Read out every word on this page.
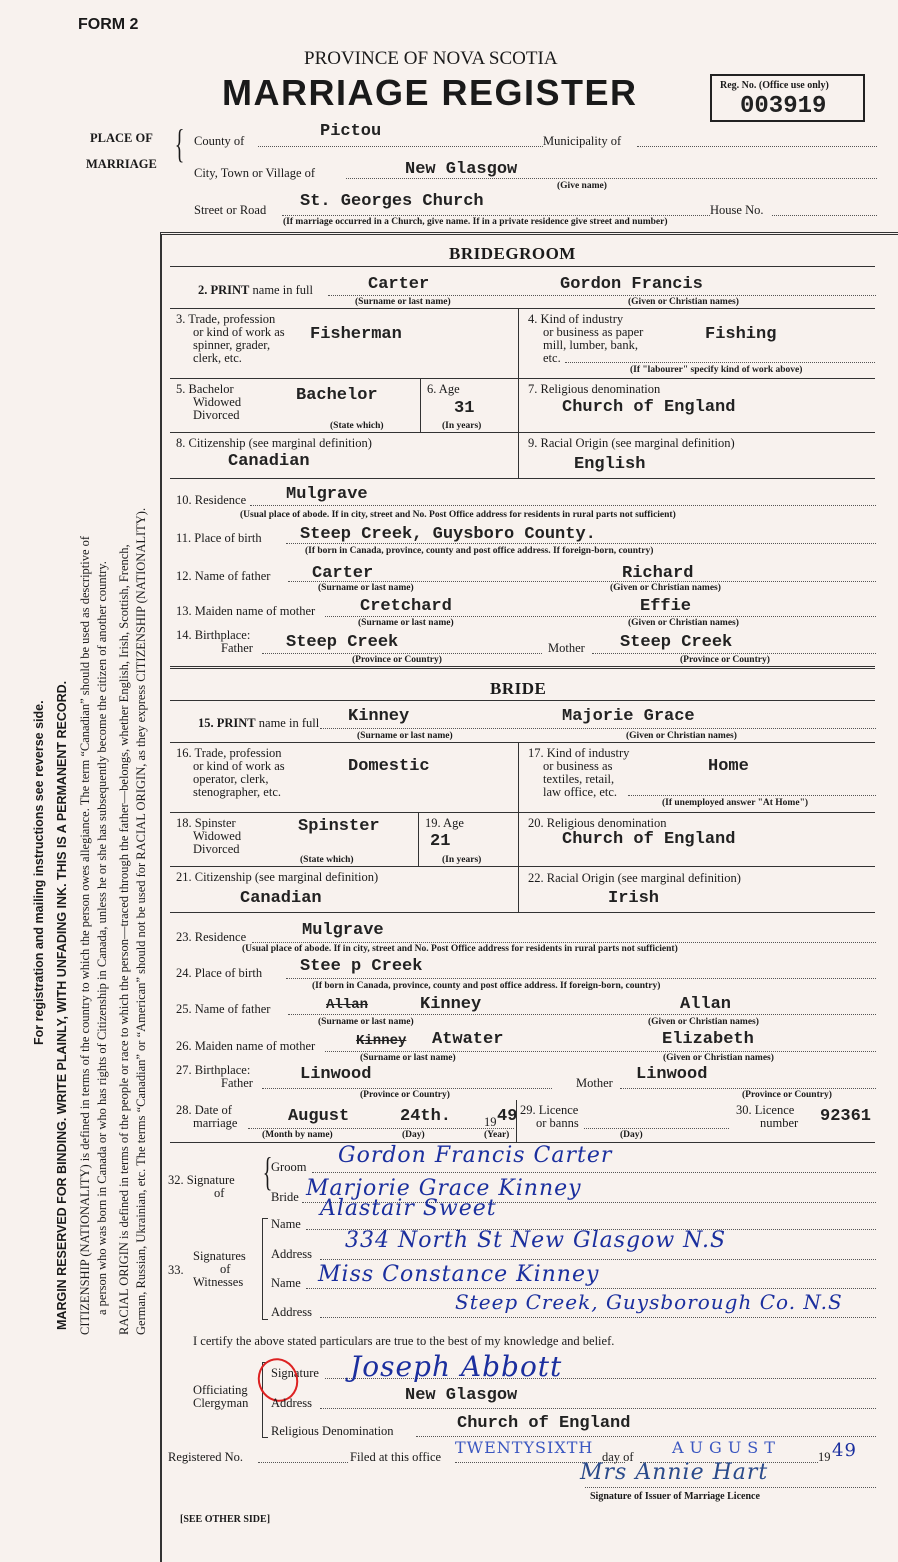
FORM 2
PROVINCE OF NOVA SCOTIA
MARRIAGE REGISTER	Reg. No. (Office use only)
003919
For registration and mailing instructions see reverse side. MARGIN RESERVED FOR BINDING. WRITE PLAINLY, WITH UNFADING INK. THIS IS A PERMANENT RECORD. CITIZENSHIP (NATIONALITY) is defined in terms of the country to which the person owes allegiance. The term “Canadian” should be used as descriptive of a person who was born in Canada or who has rights of Citizenship in Canada, unless he or she has subsequently become the citizen of another country. RACIAL ORIGIN is defined in terms of the people or race to which the person—traced through the father—belongs, whether English, Irish, Scottish, French, German, Russian, Ukrainian, etc. The terms “Canadian” or “American” should not be used for RACIAL ORIGIN, as they express CITIZENSHIP (NATIONALITY).
PLACE OF
MARRIAGE { County of	Pictou	Municipality of
City, Town or Village of	New Glasgow
(Give name)
Street or Road St. Georges Church	House No.
(If marriage occurred in a Church, give name. If in a private residence give street and number)
BRIDEGROOM
2. PRINT name in full	Carter	Gordon Francis
(Surname or last name)	(Given or Christian names)
3. Trade, profession
or kind of work as
spinner, grader,
clerk, etc.
Fisherman
4. Kind of industry
or business as paper
mill, lumber, bank,
etc.
Fishing
(If "labourer" specify kind of work above)
5. Bachelor
Widowed
Divorced
Bachelor
(State which)
6. Age
31
(In years)
7. Religious denomination
Church of England
8. Citizenship (see marginal definition)
Canadian
9. Racial Origin (see marginal definition)
English
10. Residence Mulgrave
(Usual place of abode. If in city, street and No. Post Office address for residents in rural parts not sufficient)
11. Place of birth Steep Creek, Guysboro County.
(If born in Canada, province, county and post office address. If foreign-born, country)
12. Name of father Carter	Richard
(Surname or last name)	(Given or Christian names)
13. Maiden name of mother	Cretchard	Effie
(Surname or last name)	(Given or Christian names)
14. Birthplace:
Father Steep Creek	Mother Steep Creek
(Province or Country)	(Province or Country)
BRIDE
15. PRINT name in full Kinney	Majorie Grace
(Surname or last name)	(Given or Christian names)
16. Trade, profession
or kind of work as
operator, clerk,
stenographer, etc.
Domestic
17. Kind of industry
or business as
textiles, retail,
law office, etc.
Home
(If unemployed answer "At Home")
18. Spinster
Widowed
Divorced
Spinster
(State which)
19. Age
21
(In years)
20. Religious denomination
Church of England
21. Citizenship (see marginal definition)
Canadian
22. Racial Origin (see marginal definition)
Irish
23. Residence	Mulgrave
(Usual place of abode. If in city, street and No. Post Office address for residents in rural parts not sufficient)
24. Place of birth Stee p Creek
(If born in Canada, province, county and post office address. If foreign-born, country)
25. Name of father	Allan	Kinney	Allan
(Surname or last name)	(Given or Christian names)
26. Maiden name of mother	Kinney Atwater	Elizabeth
(Surname or last name)	(Given or Christian names)
27. Birthplace:
Father	Linwood	Mother Linwood
(Province or Country)	(Province or Country)
28. Date of
marriage	August	24th.	19 49
(Month by name)	(Day)	(Year)
29. Licence
or banns
(Day)
30. Licence
number 92361
32. Signature
of {
Groom Gordon Francis Carter
Bride Marjorie Grace Kinney
Signatures
of
Witnesses
33.
Name
Alastair Sweet
Address
334 North St New Glasgow N.S
Name Miss Constance Kinney
Address	Steep Creek, Guysborough Co. N.S
I certify the above stated particulars are true to the best of my knowledge and belief.
Officiating
Clergyman
Signature Joseph Abbott
Address	New Glasgow
Religious Denomination	Church of England
Registered No.	Filed at this office TWENTYSIXTH day of AUGUST	19 49
Mrs Annie Hart
Signature of Issuer of Marriage Licence
[SEE OTHER SIDE]
